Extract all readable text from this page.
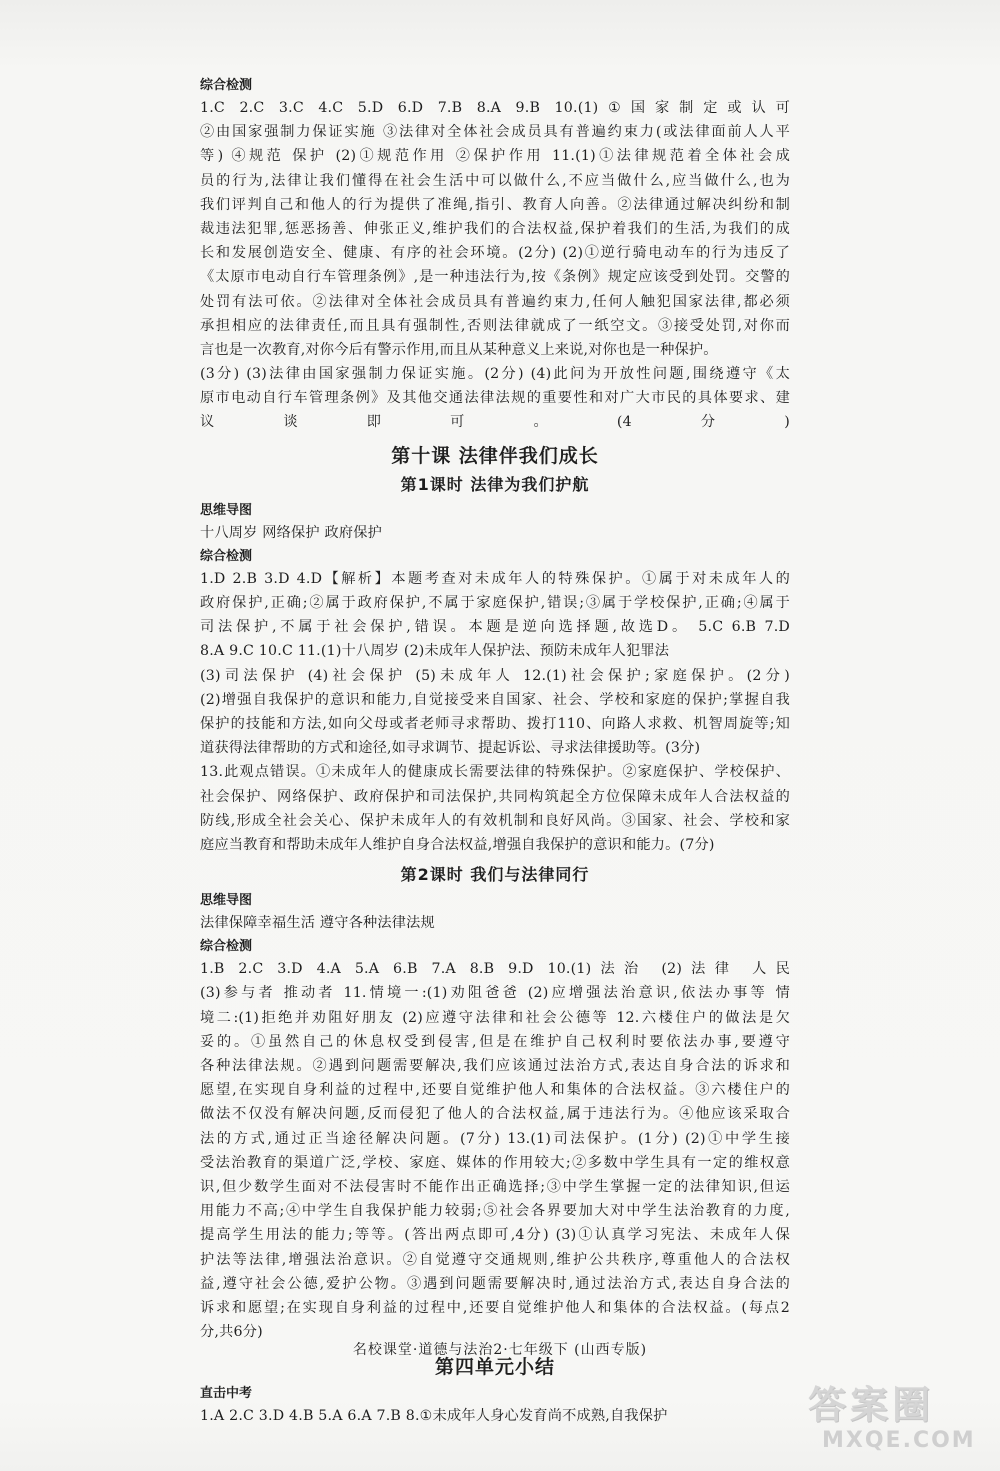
综合检测
1.C 2.C 3.C 4.C 5.D 6.D 7.B 8.A 9.B 10.(1)①国家制定或认可
②由国家强制力保证实施 ③法律对全体社会成员具有普遍约束力(或法律面前人人平
等) ④规范 保护 (2)①规范作用 ②保护作用 11.(1)①法律规范着全体社会成
员的行为,法律让我们懂得在社会生活中可以做什么,不应当做什么,应当做什么,也为
我们评判自己和他人的行为提供了准绳,指引、教育人向善。②法律通过解决纠纷和制
裁违法犯罪,惩恶扬善、伸张正义,维护我们的合法权益,保护着我们的生活,为我们的成
长和发展创造安全、健康、有序的社会环境。(2分) (2)①逆行骑电动车的行为违反了
《太原市电动自行车管理条例》,是一种违法行为,按《条例》规定应该受到处罚。交警的
处罚有法可依。②法律对全体社会成员具有普遍约束力,任何人触犯国家法律,都必须
承担相应的法律责任,而且具有强制性,否则法律就成了一纸空文。③接受处罚,对你而
言也是一次教育,对你今后有警示作用,而且从某种意义上来说,对你也是一种保护。
(3分) (3)法律由国家强制力保证实施。(2分) (4)此问为开放性问题,围绕遵守《太
原市电动自行车管理条例》及其他交通法律法规的重要性和对广大市民的具体要求、建
议谈即可。(4分)
第十课 法律伴我们成长
第1课时 法律为我们护航
思维导图
十八周岁 网络保护 政府保护
综合检测
1.D 2.B 3.D 4.D【解析】本题考查对未成年人的特殊保护。①属于对未成年人的
政府保护,正确;②属于政府保护,不属于家庭保护,错误;③属于学校保护,正确;④属于
司法保护,不属于社会保护,错误。本题是逆向选择题,故选D。 5.C 6.B 7.D
8.A 9.C 10.C 11.(1)十八周岁 (2)未成年人保护法、预防未成年人犯罪法
(3)司法保护 (4)社会保护 (5)未成年人 12.(1)社会保护;家庭保护。(2分)
(2)增强自我保护的意识和能力,自觉接受来自国家、社会、学校和家庭的保护;掌握自我
保护的技能和方法,如向父母或者老师寻求帮助、拨打110、向路人求救、机智周旋等;知
道获得法律帮助的方式和途径,如寻求调节、提起诉讼、寻求法律援助等。(3分)
13.此观点错误。①未成年人的健康成长需要法律的特殊保护。②家庭保护、学校保护、
社会保护、网络保护、政府保护和司法保护,共同构筑起全方位保障未成年人合法权益的
防线,形成全社会关心、保护未成年人的有效机制和良好风尚。③国家、社会、学校和家
庭应当教育和帮助未成年人维护自身合法权益,增强自我保护的意识和能力。(7分)
第2课时 我们与法律同行
思维导图
法律保障幸福生活 遵守各种法律法规
综合检测
1.B 2.C 3.D 4.A 5.A 6.B 7.A 8.B 9.D 10.(1)法治 (2)法律 人民
(3)参与者 推动者 11.情境一:(1)劝阻爸爸 (2)应增强法治意识,依法办事等 情
境二:(1)拒绝并劝阻好朋友 (2)应遵守法律和社会公德等 12.六楼住户的做法是欠
妥的。①虽然自己的休息权受到侵害,但是在维护自己权利时要依法办事,要遵守
各种法律法规。②遇到问题需要解决,我们应该通过法治方式,表达自身合法的诉求和
愿望,在实现自身利益的过程中,还要自觉维护他人和集体的合法权益。③六楼住户的
做法不仅没有解决问题,反而侵犯了他人的合法权益,属于违法行为。④他应该采取合
法的方式,通过正当途径解决问题。(7分) 13.(1)司法保护。(1分) (2)①中学生接
受法治教育的渠道广泛,学校、家庭、媒体的作用较大;②多数中学生具有一定的维权意
识,但少数学生面对不法侵害时不能作出正确选择;③中学生掌握一定的法律知识,但运
用能力不高;④中学生自我保护能力较弱;⑤社会各界要加大对中学生法治教育的力度,
提高学生用法的能力;等等。(答出两点即可,4分) (3)①认真学习宪法、未成年人保
护法等法律,增强法治意识。②自觉遵守交通规则,维护公共秩序,尊重他人的合法权
益,遵守社会公德,爱护公物。③遇到问题需要解决时,通过法治方式,表达自身合法的
诉求和愿望;在实现自身利益的过程中,还要自觉维护他人和集体的合法权益。(每点2
分,共6分)
第四单元小结
直击中考
1.A 2.C 3.D 4.B 5.A 6.A 7.B 8.①未成年人身心发育尚不成熟,自我保护
名校课堂·道德与法治2·七年级下 (山西专版)
答案圈
MXQE.COM
